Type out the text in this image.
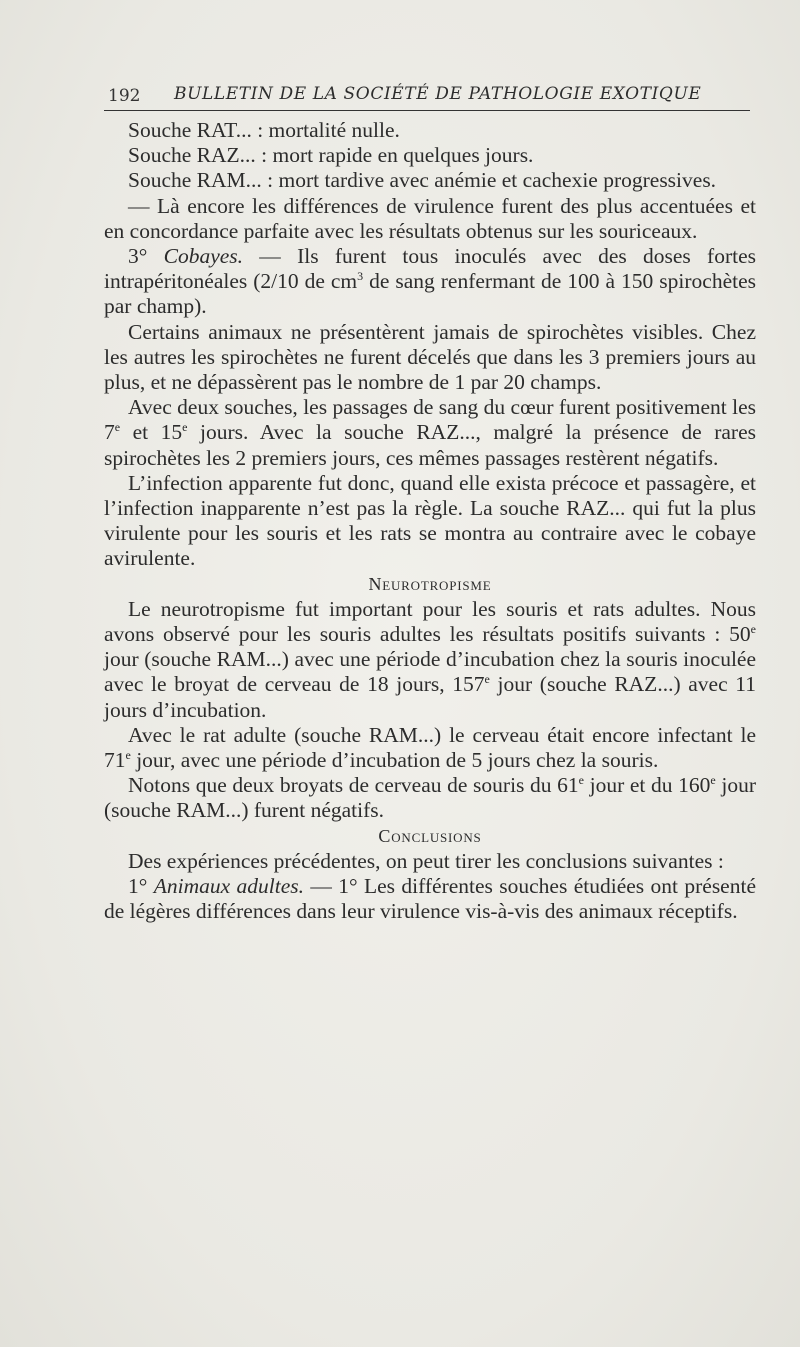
192 BULLETIN DE LA SOCIÉTÉ DE PATHOLOGIE EXOTIQUE

Souche RAT... : mortalité nulle.

Souche RAZ... : mort rapide en quelques jours.

Souche RAM... : mort tardive avec anémie et cachexie progressives.

— Là encore les différences de virulence furent des plus accentuées et en concordance parfaite avec les résultats obtenus sur les souriceaux.

3° Cobayes. — Ils furent tous inoculés avec des doses fortes intrapéritonéales (2/10 de $cm^3$ de sang renfermant de 100 à 150 spirochètes par champ).

Certains animaux ne présentèrent jamais de spirochètes visibles. Chez les autres les spirochètes ne furent décelés que dans les 3 premiers jours au plus, et ne dépassèrent pas le nombre de 1 par 20 champs.

Avec deux souches, les passages de sang du cœur furent positivement les 7e et 15e jours. Avec la souche RAZ..., malgré la présence de rares spirochètes les 2 premiers jours, ces mêmes passages restèrent négatifs.

L’infection apparente fut donc, quand elle exista précoce et passagère, et l’infection inapparente n’est pas la règle. La souche RAZ... qui fut la plus virulente pour les souris et les rats se montra au contraire avec le cobaye avirulente.

Neurotropisme

Le neurotropisme fut important pour les souris et rats adultes. Nous avons observé pour les souris adultes les résultats positifs suivants : 50e jour (souche RAM...) avec une période d’incubation chez la souris inoculée avec le broyat de cerveau de 18 jours, 157e jour (souche RAZ...) avec 11 jours d’incubation.

Avec le rat adulte (souche RAM...) le cerveau était encore infectant le 71e jour, avec une période d’incubation de 5 jours chez la souris.

Notons que deux broyats de cerveau de souris du 61e jour et du 160e jour (souche RAM...) furent négatifs.

Conclusions

Des expériences précédentes, on peut tirer les conclusions suivantes :

1° Animaux adultes. — 1° Les différentes souches étudiées ont présenté de légères différences dans leur virulence vis-à-vis des animaux réceptifs.
